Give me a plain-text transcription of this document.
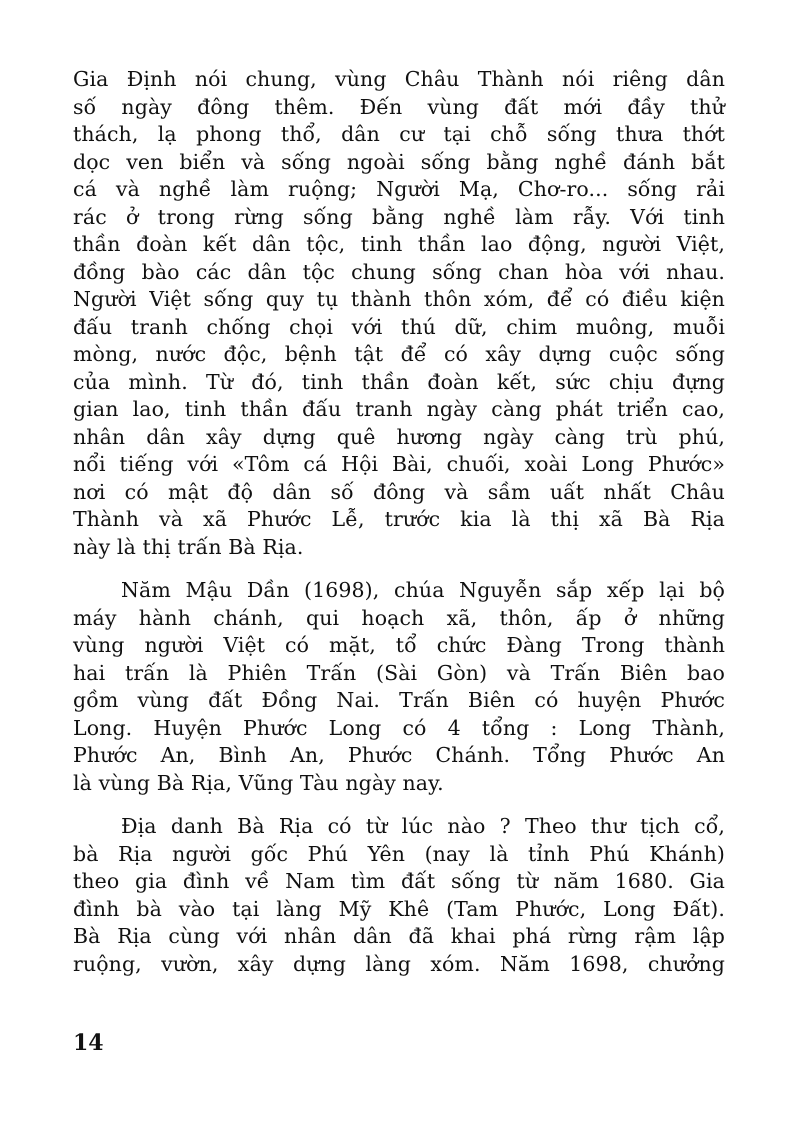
Gia Định nói chung, vùng Châu Thành nói riêng dân
số ngày đông thêm. Đến vùng đất mới đầy thử
thách, lạ phong thổ, dân cư tại chỗ sống thưa thớt
dọc ven biển và sống ngoài sống bằng nghề đánh bắt
cá và nghề làm ruộng; Người Mạ, Chơ-ro... sống rải
rác ở trong rừng sống bằng nghề làm rẫy. Với tinh
thần đoàn kết dân tộc, tinh thần lao động, người Việt,
đồng bào các dân tộc chung sống chan hòa với nhau.
Người Việt sống quy tụ thành thôn xóm, để có điều kiện
đấu tranh chống chọi với thú dữ, chim muông, muỗi
mòng, nước độc, bệnh tật để có xây dựng cuộc sống
của mình. Từ đó, tinh thần đoàn kết, sức chịu đựng
gian lao, tinh thần đấu tranh ngày càng phát triển cao,
nhân dân xây dựng quê hương ngày càng trù phú,
nổi tiếng với «Tôm cá Hội Bài, chuối, xoài Long Phước»
nơi có mật độ dân số đông và sầm uất nhất Châu
Thành và xã Phước Lễ, trước kia là thị xã Bà Rịa
này là thị trấn Bà Rịa.
Năm Mậu Dần (1698), chúa Nguyễn sắp xếp lại bộ
máy hành chánh, qui hoạch xã, thôn, ấp ở những
vùng người Việt có mặt, tổ chức Đàng Trong thành
hai trấn là Phiên Trấn (Sài Gòn) và Trấn Biên bao
gồm vùng đất Đồng Nai. Trấn Biên có huyện Phước
Long. Huyện Phước Long có 4 tổng : Long Thành,
Phước An, Bình An, Phước Chánh. Tổng Phước An
là vùng Bà Rịa, Vũng Tàu ngày nay.
Địa danh Bà Rịa có từ lúc nào ? Theo thư tịch cổ,
bà Rịa người gốc Phú Yên (nay là tỉnh Phú Khánh)
theo gia đình về Nam tìm đất sống từ năm 1680. Gia
đình bà vào tại làng Mỹ Khê (Tam Phước, Long Đất).
Bà Rịa cùng với nhân dân đã khai phá rừng rậm lập
ruộng, vườn, xây dựng làng xóm. Năm 1698, chưởng
14
